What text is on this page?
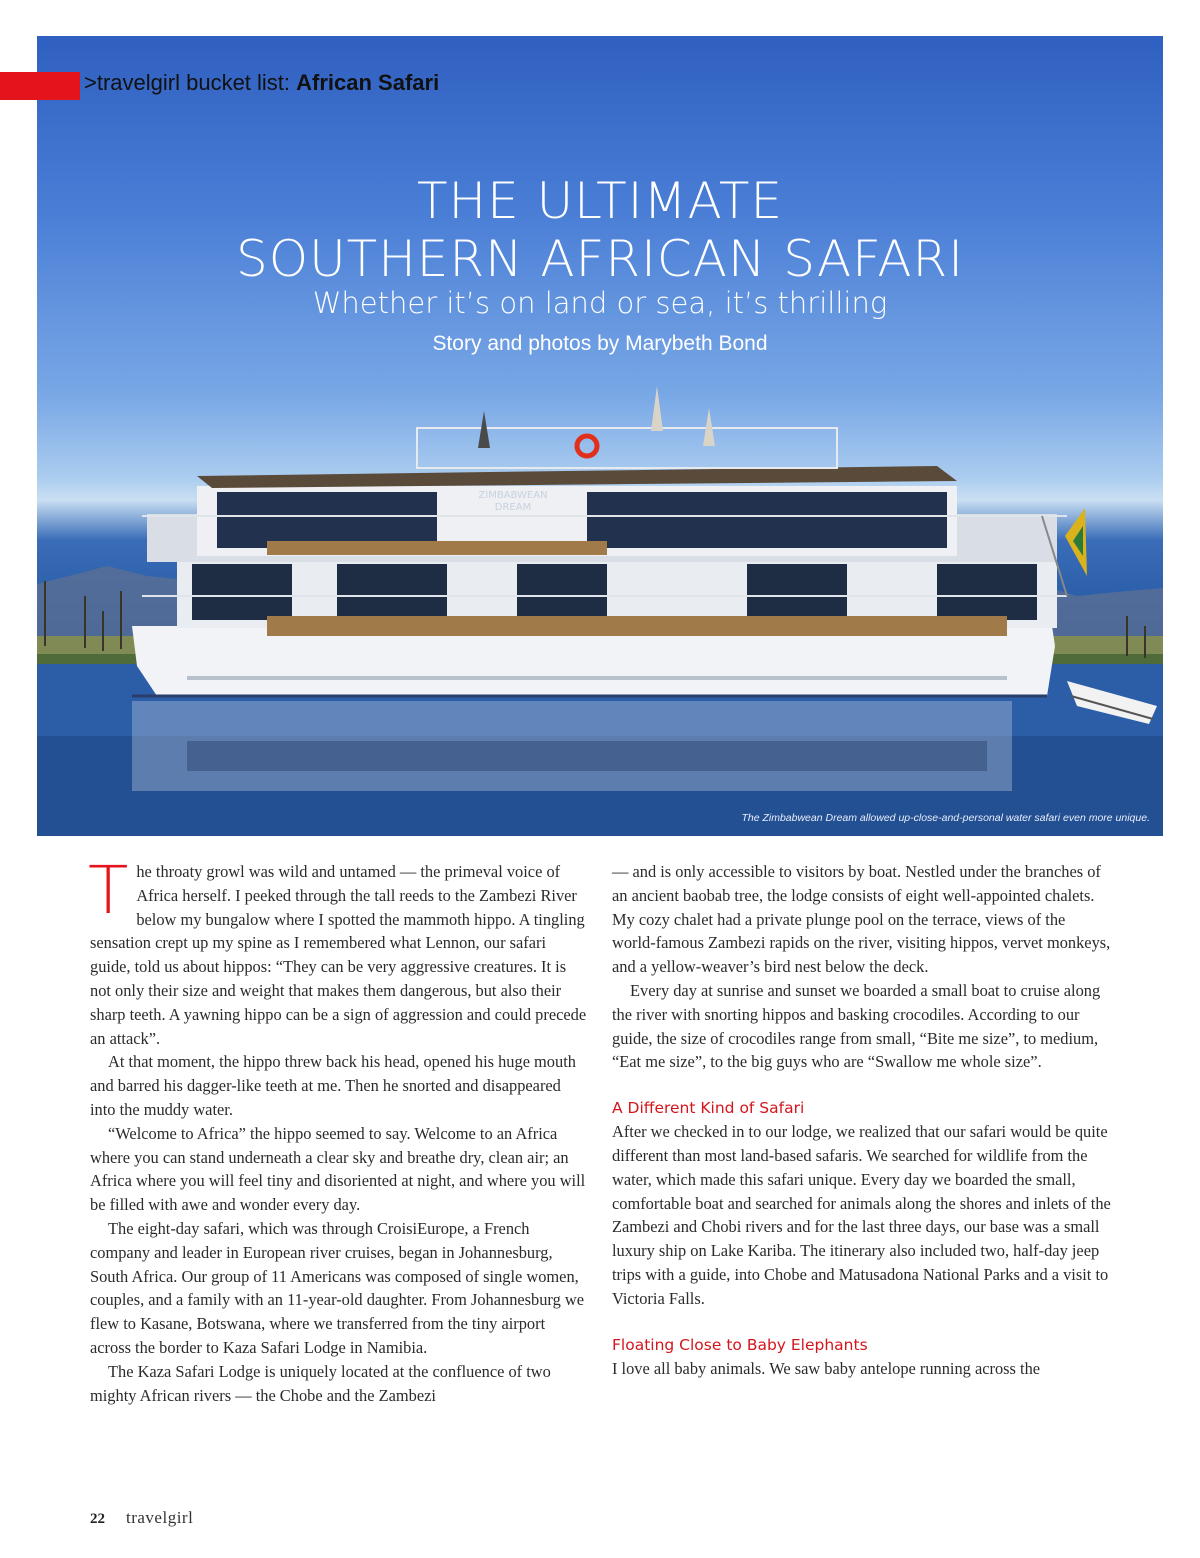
ZIMBABWEAN
DREAM
>travelgirl bucket list: African Safari
THE ULTIMATE
SOUTHERN AFRICAN SAFARI
Whether it’s on land or sea, it’s thrilling
Story and photos by Marybeth Bond
The Zimbabwean Dream allowed up-close-and-personal water safari even more unique.

The throaty growl was wild and untamed — the primeval voice of Africa herself. I peeked through the tall reeds to the Zambezi River below my bungalow where I spotted the mammoth hippo. A tingling sensation crept up my spine as I remembered what Lennon, our safari guide, told us about hippos: “They can be very aggressive creatures. It is not only their size and weight that makes them dangerous, but also their sharp teeth. A yawning hippo can be a sign of aggression and could precede an attack”.

At that moment, the hippo threw back his head, opened his huge mouth and barred his dagger-like teeth at me. Then he snorted and disappeared into the muddy water.

“Welcome to Africa” the hippo seemed to say. Welcome to an Africa where you can stand underneath a clear sky and breathe dry, clean air; an Africa where you will feel tiny and disoriented at night, and where you will be filled with awe and wonder every day.

The eight-day safari, which was through CroisiEurope, a French company and leader in European river cruises, began in Johannesburg, South Africa. Our group of 11 Americans was composed of single women, couples, and a family with an 11-year-old daughter. From Johannesburg we flew to Kasane, Botswana, where we transferred from the tiny airport across the border to Kaza Safari Lodge in Namibia.

The Kaza Safari Lodge is uniquely located at the confluence of two mighty African rivers — the Chobe and the Zambezi

— and is only accessible to visitors by boat. Nestled under the branches of an ancient baobab tree, the lodge consists of eight well-appointed chalets. My cozy chalet had a private plunge pool on the terrace, views of the world-famous Zambezi rapids on the river, visiting hippos, vervet monkeys, and a yellow-weaver’s bird nest below the deck.

Every day at sunrise and sunset we boarded a small boat to cruise along the river with snorting hippos and basking crocodiles. According to our guide, the size of crocodiles range from small, “Bite me size”, to medium, “Eat me size”, to the big guys who are “Swallow me whole size”.

A Different Kind of Safari

After we checked in to our lodge, we realized that our safari would be quite different than most land-based safaris. We searched for wildlife from the water, which made this safari unique. Every day we boarded the small, comfortable boat and searched for animals along the shores and inlets of the Zambezi and Chobi rivers and for the last three days, our base was a small luxury ship on Lake Kariba. The itinerary also included two, half-day jeep trips with a guide, into Chobe and Matusadona National Parks and a visit to Victoria Falls.

Floating Close to Baby Elephants

I love all baby animals. We saw baby antelope running across the

22 travelgirl
